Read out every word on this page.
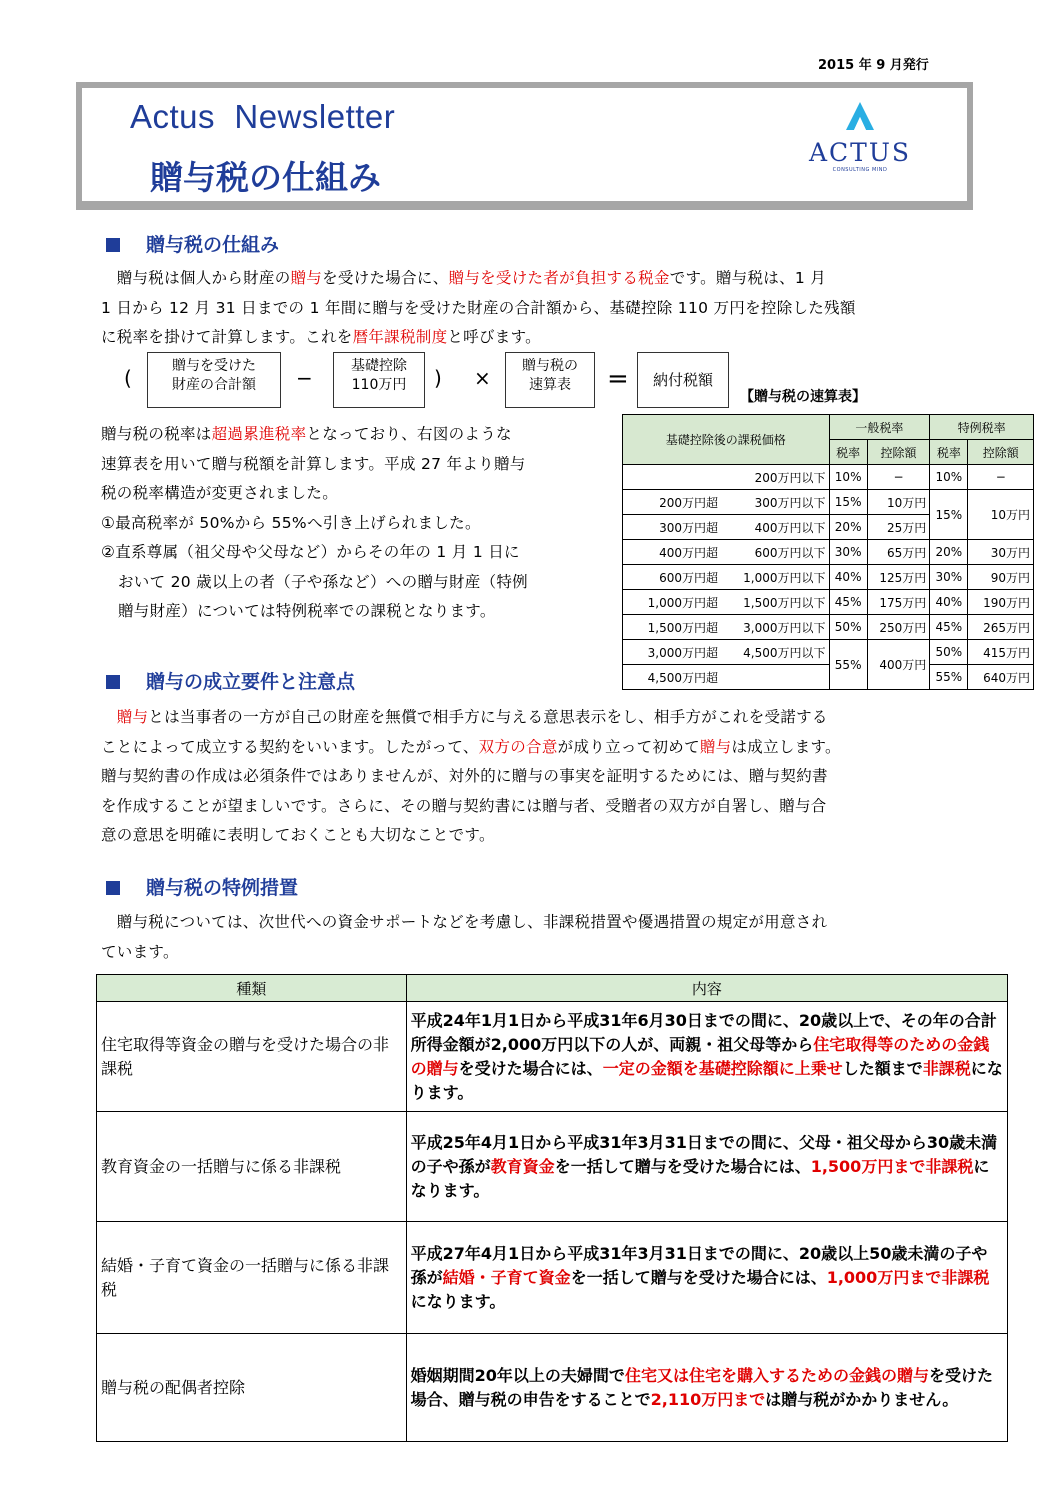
2015 年 9 月発行
Actus  Newsletter
贈与税の仕組み
ACTUS
CONSULTING MIND
贈与税の仕組み
贈与税は個人から財産の贈与を受けた場合に、贈与を受けた者が負担する税金です。贈与税は、1 月
1 日から 12 月 31 日までの 1 年間に贈与を受けた財産の合計額から、基礎控除 110 万円を控除した残額
に税率を掛けて計算します。これを暦年課税制度と呼びます。
(	贈与を受けた
財産の合計額	−	基礎控除
110万円	) ×	贈与税の
速算表	=	納付税額
贈与税の税率は超過累進税率となっており、右図のような
速算表を用いて贈与税額を計算します。平成 27 年より贈与
税の税率構造が変更されました。
①最高税率が 50%から 55%へ引き上げられました。
②直系尊属（祖父母や父母など）からその年の 1 月 1 日に
おいて 20 歳以上の者（子や孫など）への贈与財産（特例
贈与財産）については特例税率での課税となります。
【贈与税の速算表】
基礎控除後の課税価格	一般税率		特例税率	
	税率	控除額	税率	控除額
200万円以下	10%	−	10%	−
200万円超 300万円以下	15%	10万円	15%	10万円
300万円超 400万円以下	20%	25万円		
400万円超 600万円以下	30%	65万円	20%	30万円
600万円超 1,000万円以下	40%	125万円	30%	90万円
1,000万円超 1,500万円以下	45%	175万円	40%	190万円
1,500万円超 3,000万円以下	50%	250万円	45%	265万円
3,000万円超 4,500万円以下	55%	400万円	50%	415万円
4,500万円超			55%	640万円
贈与の成立要件と注意点
贈与とは当事者の一方が自己の財産を無償で相手方に与える意思表示をし、相手方がこれを受諾する
ことによって成立する契約をいいます。したがって、双方の合意が成り立って初めて贈与は成立します。
贈与契約書の作成は必須条件ではありませんが、対外的に贈与の事実を証明するためには、贈与契約書
を作成することが望ましいです。さらに、その贈与契約書には贈与者、受贈者の双方が自署し、贈与合
意の意思を明確に表明しておくことも大切なことです。
贈与税の特例措置
贈与税については、次世代への資金サポートなどを考慮し、非課税措置や優遇措置の規定が用意され
ています。
種類	内容
住宅取得等資金の贈与を受けた場合の非課税	平成24年1月1日から平成31年6月30日までの間に、20歳以上で、その年の合計所得金額が2,000万円以下の人が、両親・祖父母等から住宅取得等のための金銭の贈与を受けた場合には、一定の金額を基礎控除額に上乗せした額まで非課税になります。
教育資金の一括贈与に係る非課税	平成25年4月1日から平成31年3月31日までの間に、父母・祖父母から30歳未満の子や孫が教育資金を一括して贈与を受けた場合には、1,500万円まで非課税になります。
結婚・子育て資金の一括贈与に係る非課税	平成27年4月1日から平成31年3月31日までの間に、20歳以上50歳未満の子や孫が結婚・子育て資金を一括して贈与を受けた場合には、1,000万円まで非課税になります。
贈与税の配偶者控除	婚姻期間20年以上の夫婦間で住宅又は住宅を購入するための金銭の贈与を受けた場合、贈与税の申告をすることで2,110万円までは贈与税がかかりません。
